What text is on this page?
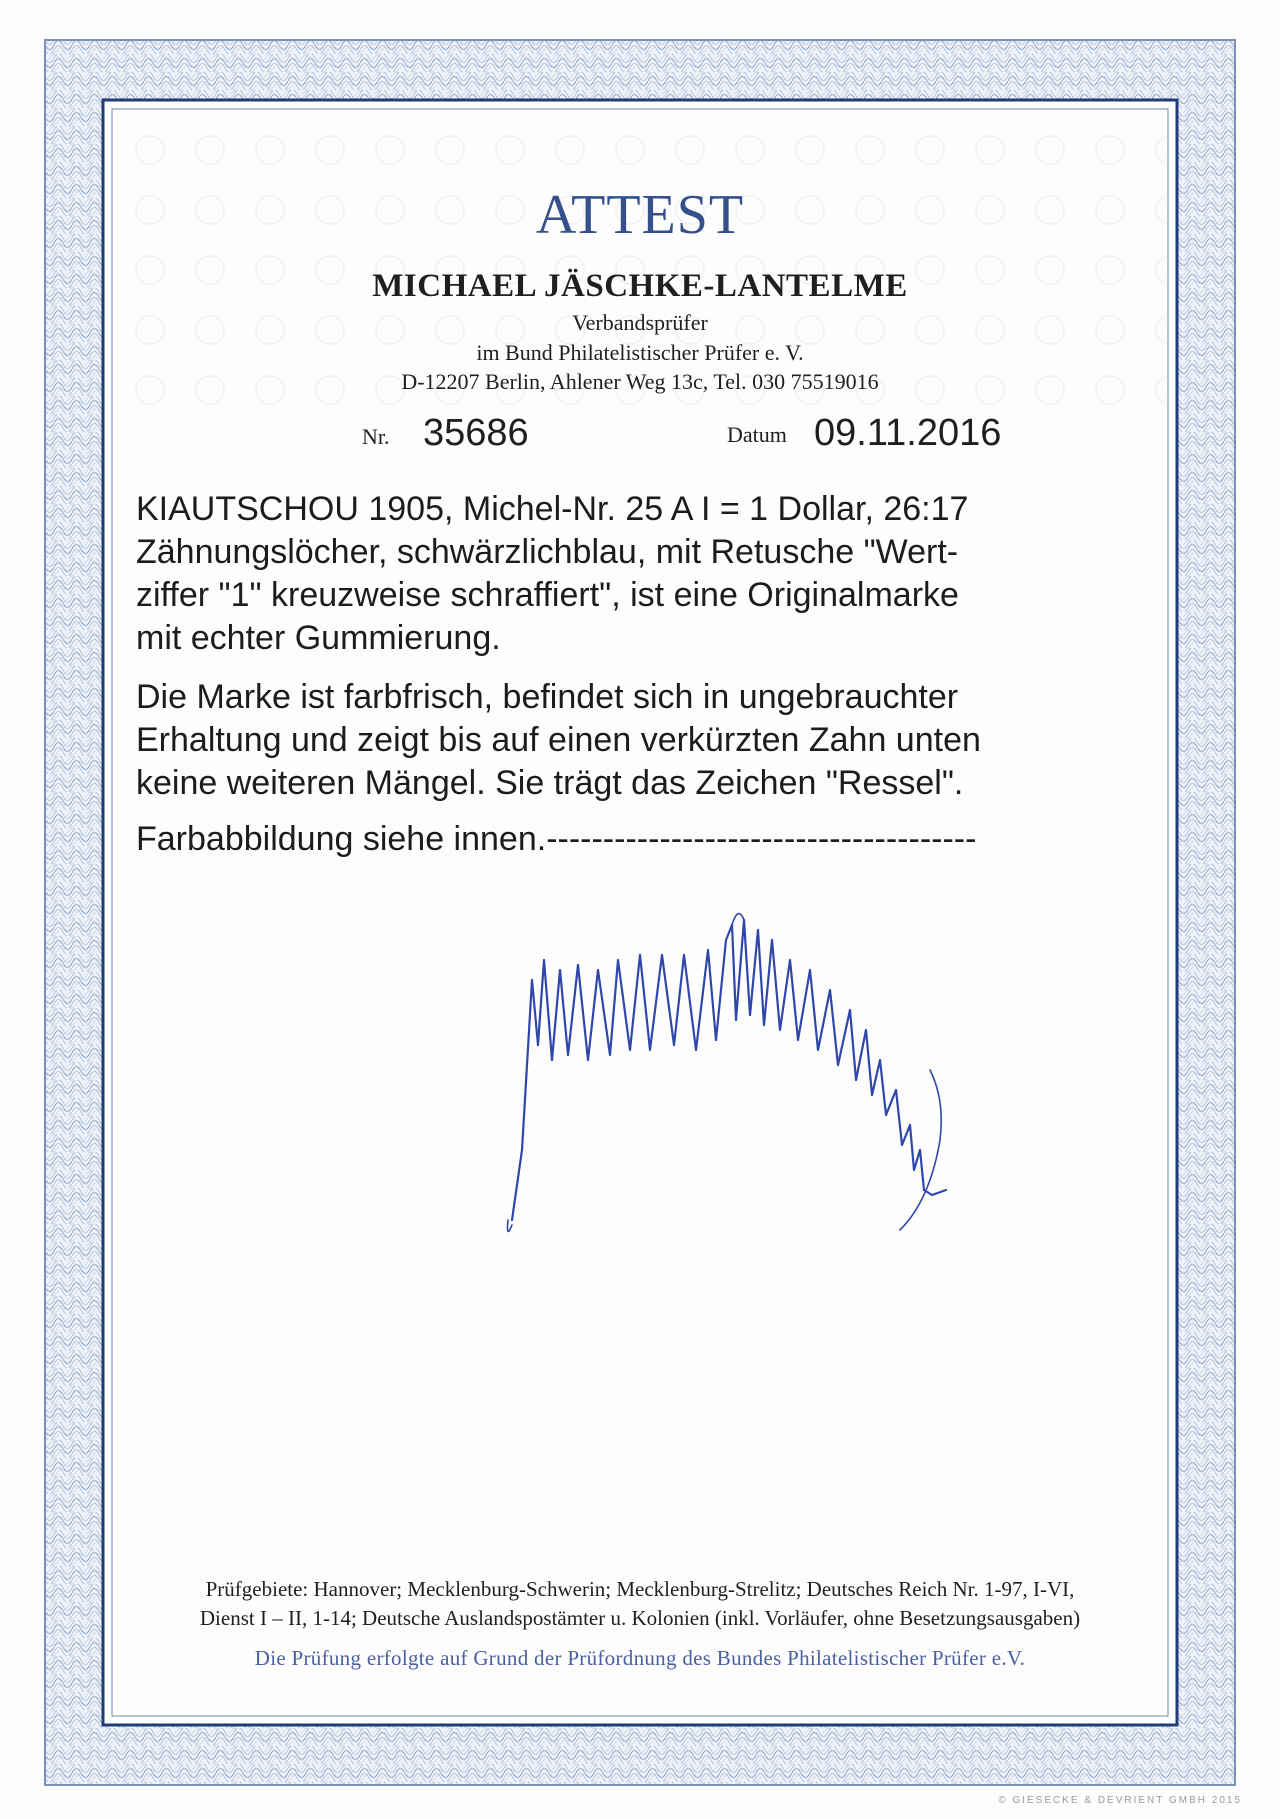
ATTEST
MICHAEL JÄSCHKE-LANTELME
Verbandsprüfer
im Bund Philatelistischer Prüfer e. V.
D-12207 Berlin, Ahlener Weg 13c, Tel. 030 75519016
Nr. 35686	Datum 09.11.2016

KIAUTSCHOU 1905, Michel-Nr. 25 A I = 1 Dollar, 26:17

Zähnungslöcher, schwärzlichblau, mit Retusche "Wert-

ziffer "1" kreuzweise schraffiert", ist eine Originalmarke

mit echter Gummierung.

Die Marke ist farbfrisch, befindet sich in ungebrauchter

Erhaltung und zeigt bis auf einen verkürzten Zahn unten

keine weiteren Mängel. Sie trägt das Zeichen "Ressel".

Farbabbildung siehe innen.--------------------------------------
Prüfgebiete: Hannover; Mecklenburg-Schwerin; Mecklenburg-Strelitz; Deutsches Reich Nr. 1-97, I-VI,
Dienst I – II, 1-14; Deutsche Auslandspostämter u. Kolonien (inkl. Vorläufer, ohne Besetzungsausgaben)
Die Prüfung erfolgte auf Grund der Prüfordnung des Bundes Philatelistischer Prüfer e.V.
© GIESECKE & DEVRIENT GMBH 2015
